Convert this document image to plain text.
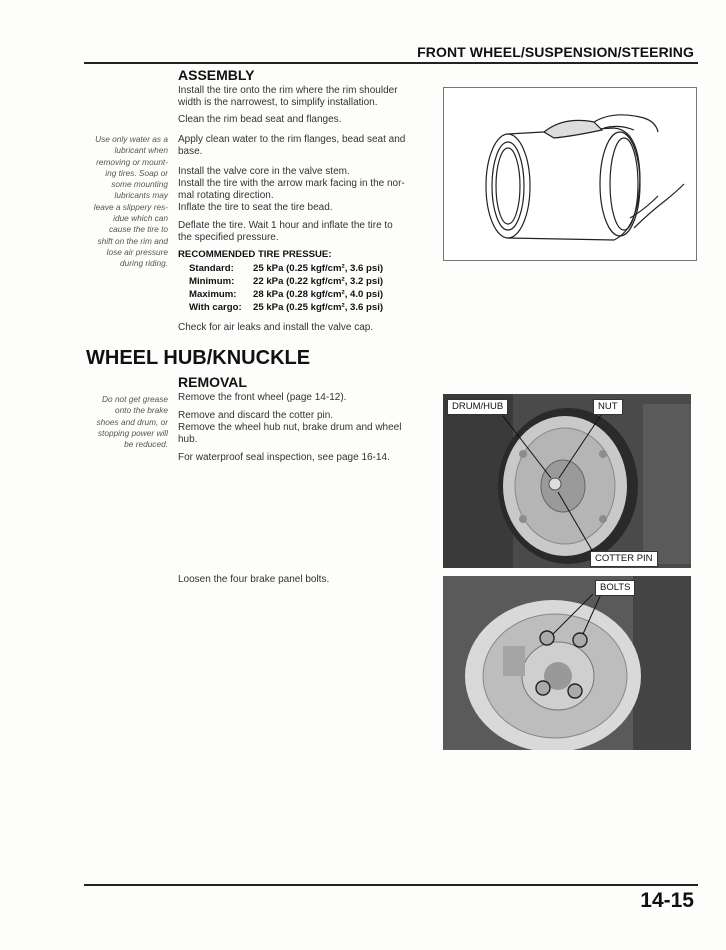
FRONT WHEEL/SUSPENSION/STEERING
ASSEMBLY
Use only water as a
lubricant when
removing or mount-
ing tires. Soap or
some mounting
lubricants may
leave a slippery res-
idue which can
cause the tire to
shift on the rim and
lose air pressure
during riding.

Install the tire onto the rim where the rim shoulder
width is the narrowest, to simplify installation.

Clean the rim bead seat and flanges.

Apply clean water to the rim flanges, bead seat and
base.

Install the valve core in the valve stem.
Install the tire with the arrow mark facing in the nor-
mal rotating direction.
Inflate the tire to seat the tire bead.

Deflate the tire. Wait 1 hour and inflate the tire to
the specified pressure.

RECOMMENDED TIRE PRESSUE:
Standard: 25 kPa (0.25 kgf/cm², 3.6 psi)
Minimum: 22 kPa (0.22 kgf/cm², 3.2 psi)
Maximum: 28 kPa (0.28 kgf/cm², 4.0 psi)
With cargo: 25 kPa (0.25 kgf/cm², 3.6 psi)

Check for air leaks and install the valve cap.

WHEEL HUB/KNUCKLE
REMOVAL
Do not get grease
onto the brake
shoes and drum, or
stopping power will
be reduced.

Remove the front wheel (page 14-12).

Remove and discard the cotter pin.
Remove the wheel hub nut, brake drum and wheel
hub.

For waterproof seal inspection, see page 16-14.

DRUM/HUB	NUT
COTTER PIN
Loosen the four brake panel bolts.
BOLTS
14-15
